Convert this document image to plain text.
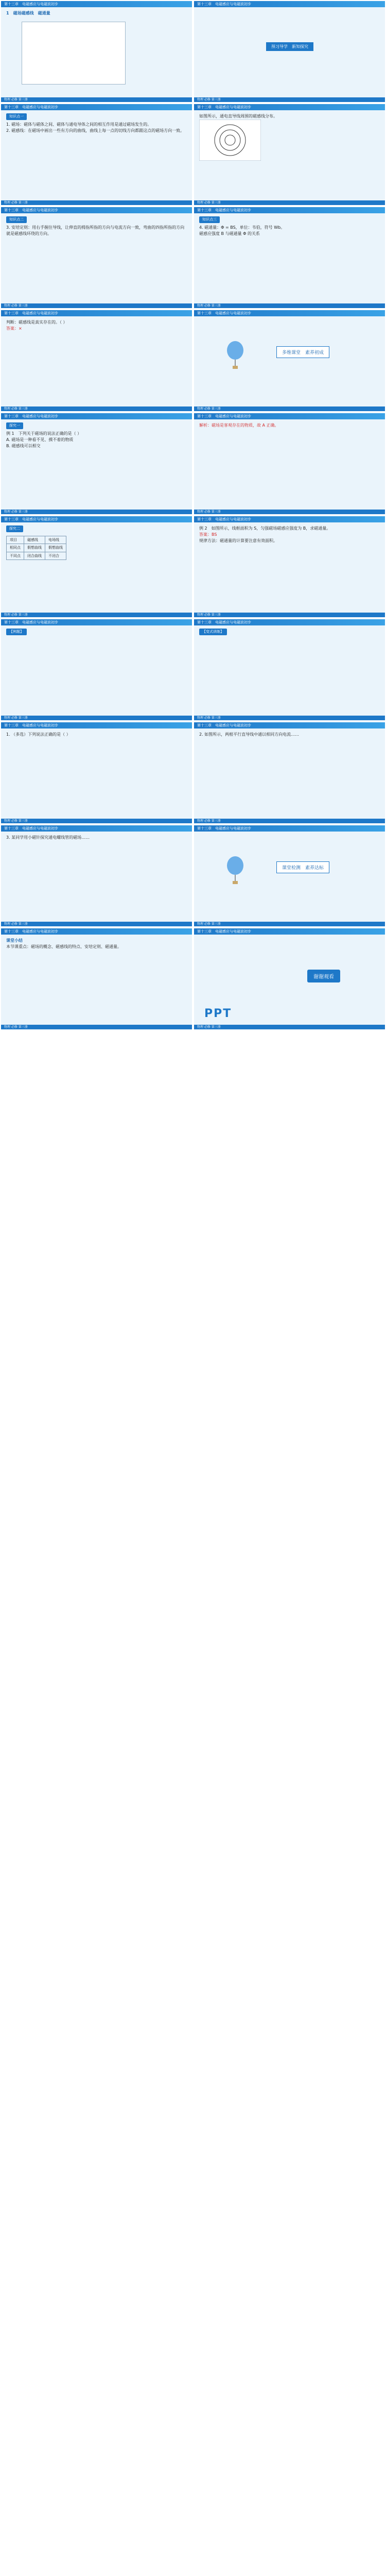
第十三章　电磁感应与电磁波初步
1　磁场磁感线　磁通量
物理 必修 第三册
第十三章　电磁感应与电磁波初步
预习导学　新知探究
物理 必修 第三册
第十三章　电磁感应与电磁波初步
知识点一
1. 磁场：磁体与磁体之间、磁体与通电导体之间的相互作用是通过磁场发生的。
2. 磁感线：在磁场中画出一些有方向的曲线，曲线上每一点的切线方向都跟这点的磁场方向一致。
物理 必修 第三册
第十三章　电磁感应与电磁波初步
如图所示，通电直导线周围的磁感线分布。
物理 必修 第三册
第十三章　电磁感应与电磁波初步
知识点二
3. 安培定则：用右手握住导线，让伸直的拇指所指的方向与电流方向一致，弯曲的四指所指的方向就是磁感线环绕的方向。
物理 必修 第三册
第十三章　电磁感应与电磁波初步
知识点三
4. 磁通量：Φ = BS，单位：韦伯，符号 Wb。
磁感应强度 B 与磁通量 Φ 的关系
物理 必修 第三册
第十三章　电磁感应与电磁波初步
判断：磁感线是真实存在的。（ ）
答案：×
物理 必修 第三册
第十三章　电磁感应与电磁波初步
多维课堂　素养初成
物理 必修 第三册
第十三章　电磁感应与电磁波初步
探究一
例 1　下列关于磁场的说法正确的是（ ）
A. 磁场是一种看不见、摸不着的物质
B. 磁感线可以相交
物理 必修 第三册
第十三章　电磁感应与电磁波初步
解析：磁场是客观存在的物质，故 A 正确。
物理 必修 第三册
第十三章　电磁感应与电磁波初步
探究二
项目	磁感线	电场线
相同点	假想曲线	假想曲线
不同点	闭合曲线	不闭合
物理 必修 第三册
第十三章　电磁感应与电磁波初步
例 2　如图所示，线框面积为 S，匀强磁场磁感应强度为 B，求磁通量。
答案：BS
规律方法：磁通量的计算要注意有效面积。
物理 必修 第三册
第十三章　电磁感应与电磁波初步
【例题】
物理 必修 第三册
第十三章　电磁感应与电磁波初步
【变式训练】
物理 必修 第三册
第十三章　电磁感应与电磁波初步
1. （多选）下列说法正确的是（ ）
物理 必修 第三册
第十三章　电磁感应与电磁波初步
2. 如图所示，两根平行直导线中通以相同方向电流……
物理 必修 第三册
第十三章　电磁感应与电磁波初步
3. 某同学用小磁针探究通电螺线管的磁场……
物理 必修 第三册
第十三章　电磁感应与电磁波初步
课堂检测　素养达标
物理 必修 第三册
第十三章　电磁感应与电磁波初步
课堂小结
本节课重点：磁场的概念、磁感线的特点、安培定则、磁通量。
物理 必修 第三册
第十三章　电磁感应与电磁波初步
谢谢观看
PPT
物理 必修 第三册
